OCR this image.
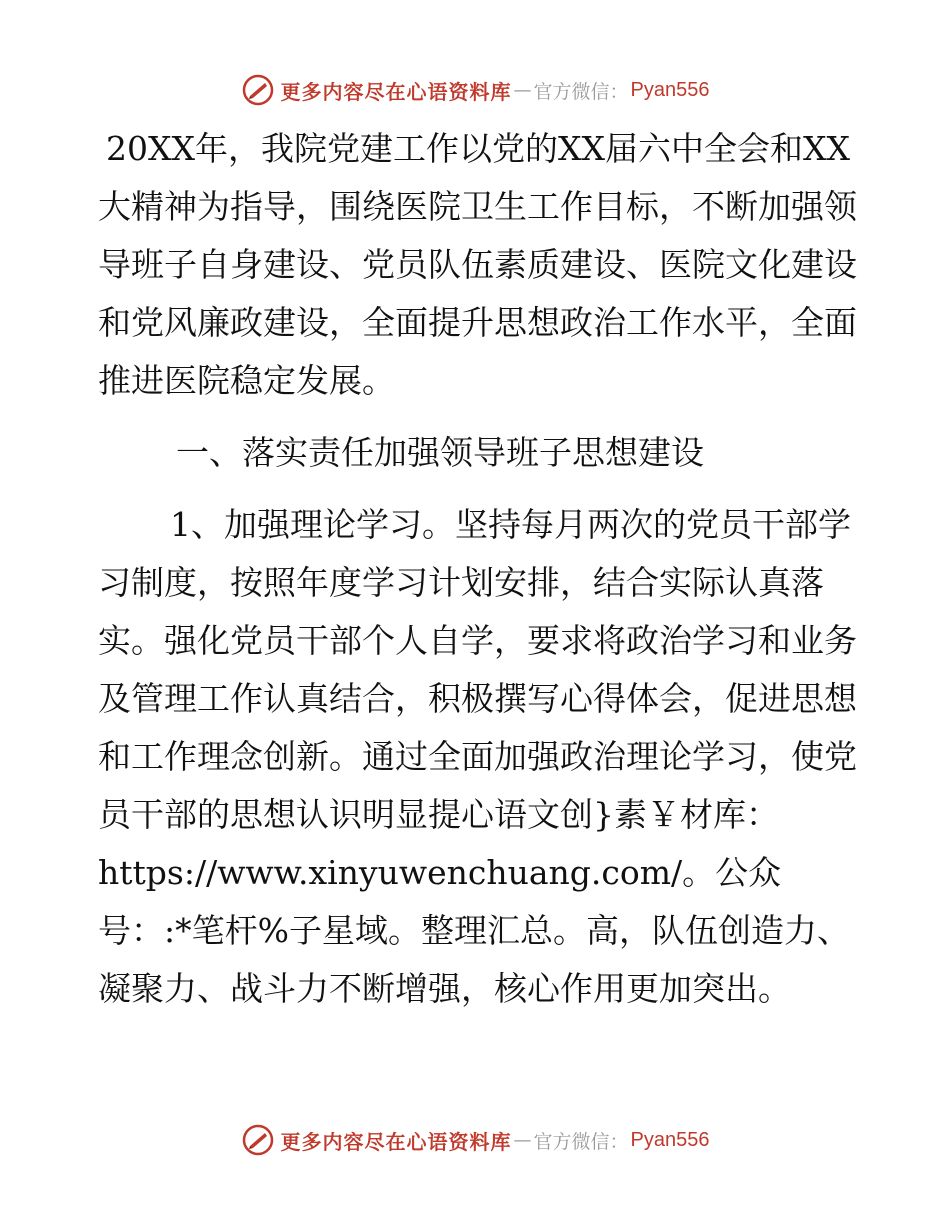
更多内容尽在心语资料库 — 官方微信： Pyan556

20XX年，我院党建工作以党的XX届六中全会和XX大精神为指导，围绕医院卫生工作目标，不断加强领导班子自身建设、党员队伍素质建设、医院文化建设和党风廉政建设，全面提升思想政治工作水平，全面推进医院稳定发展。

一、落实责任加强领导班子思想建设

1、加强理论学习。坚持每月两次的党员干部学习制度，按照年度学习计划安排，结合实际认真落实。强化党员干部个人自学，要求将政治学习和业务及管理工作认真结合，积极撰写心得体会，促进思想和工作理念创新。通过全面加强政治理论学习，使党员干部的思想认识明显提心语文创}素￥材库：https://www.xinyuwenchuang.com/。公众号：:*笔杆%子星域。整理汇总。高，队伍创造力、凝聚力、战斗力不断增强，核心作用更加突出。

更多内容尽在心语资料库 — 官方微信： Pyan556
